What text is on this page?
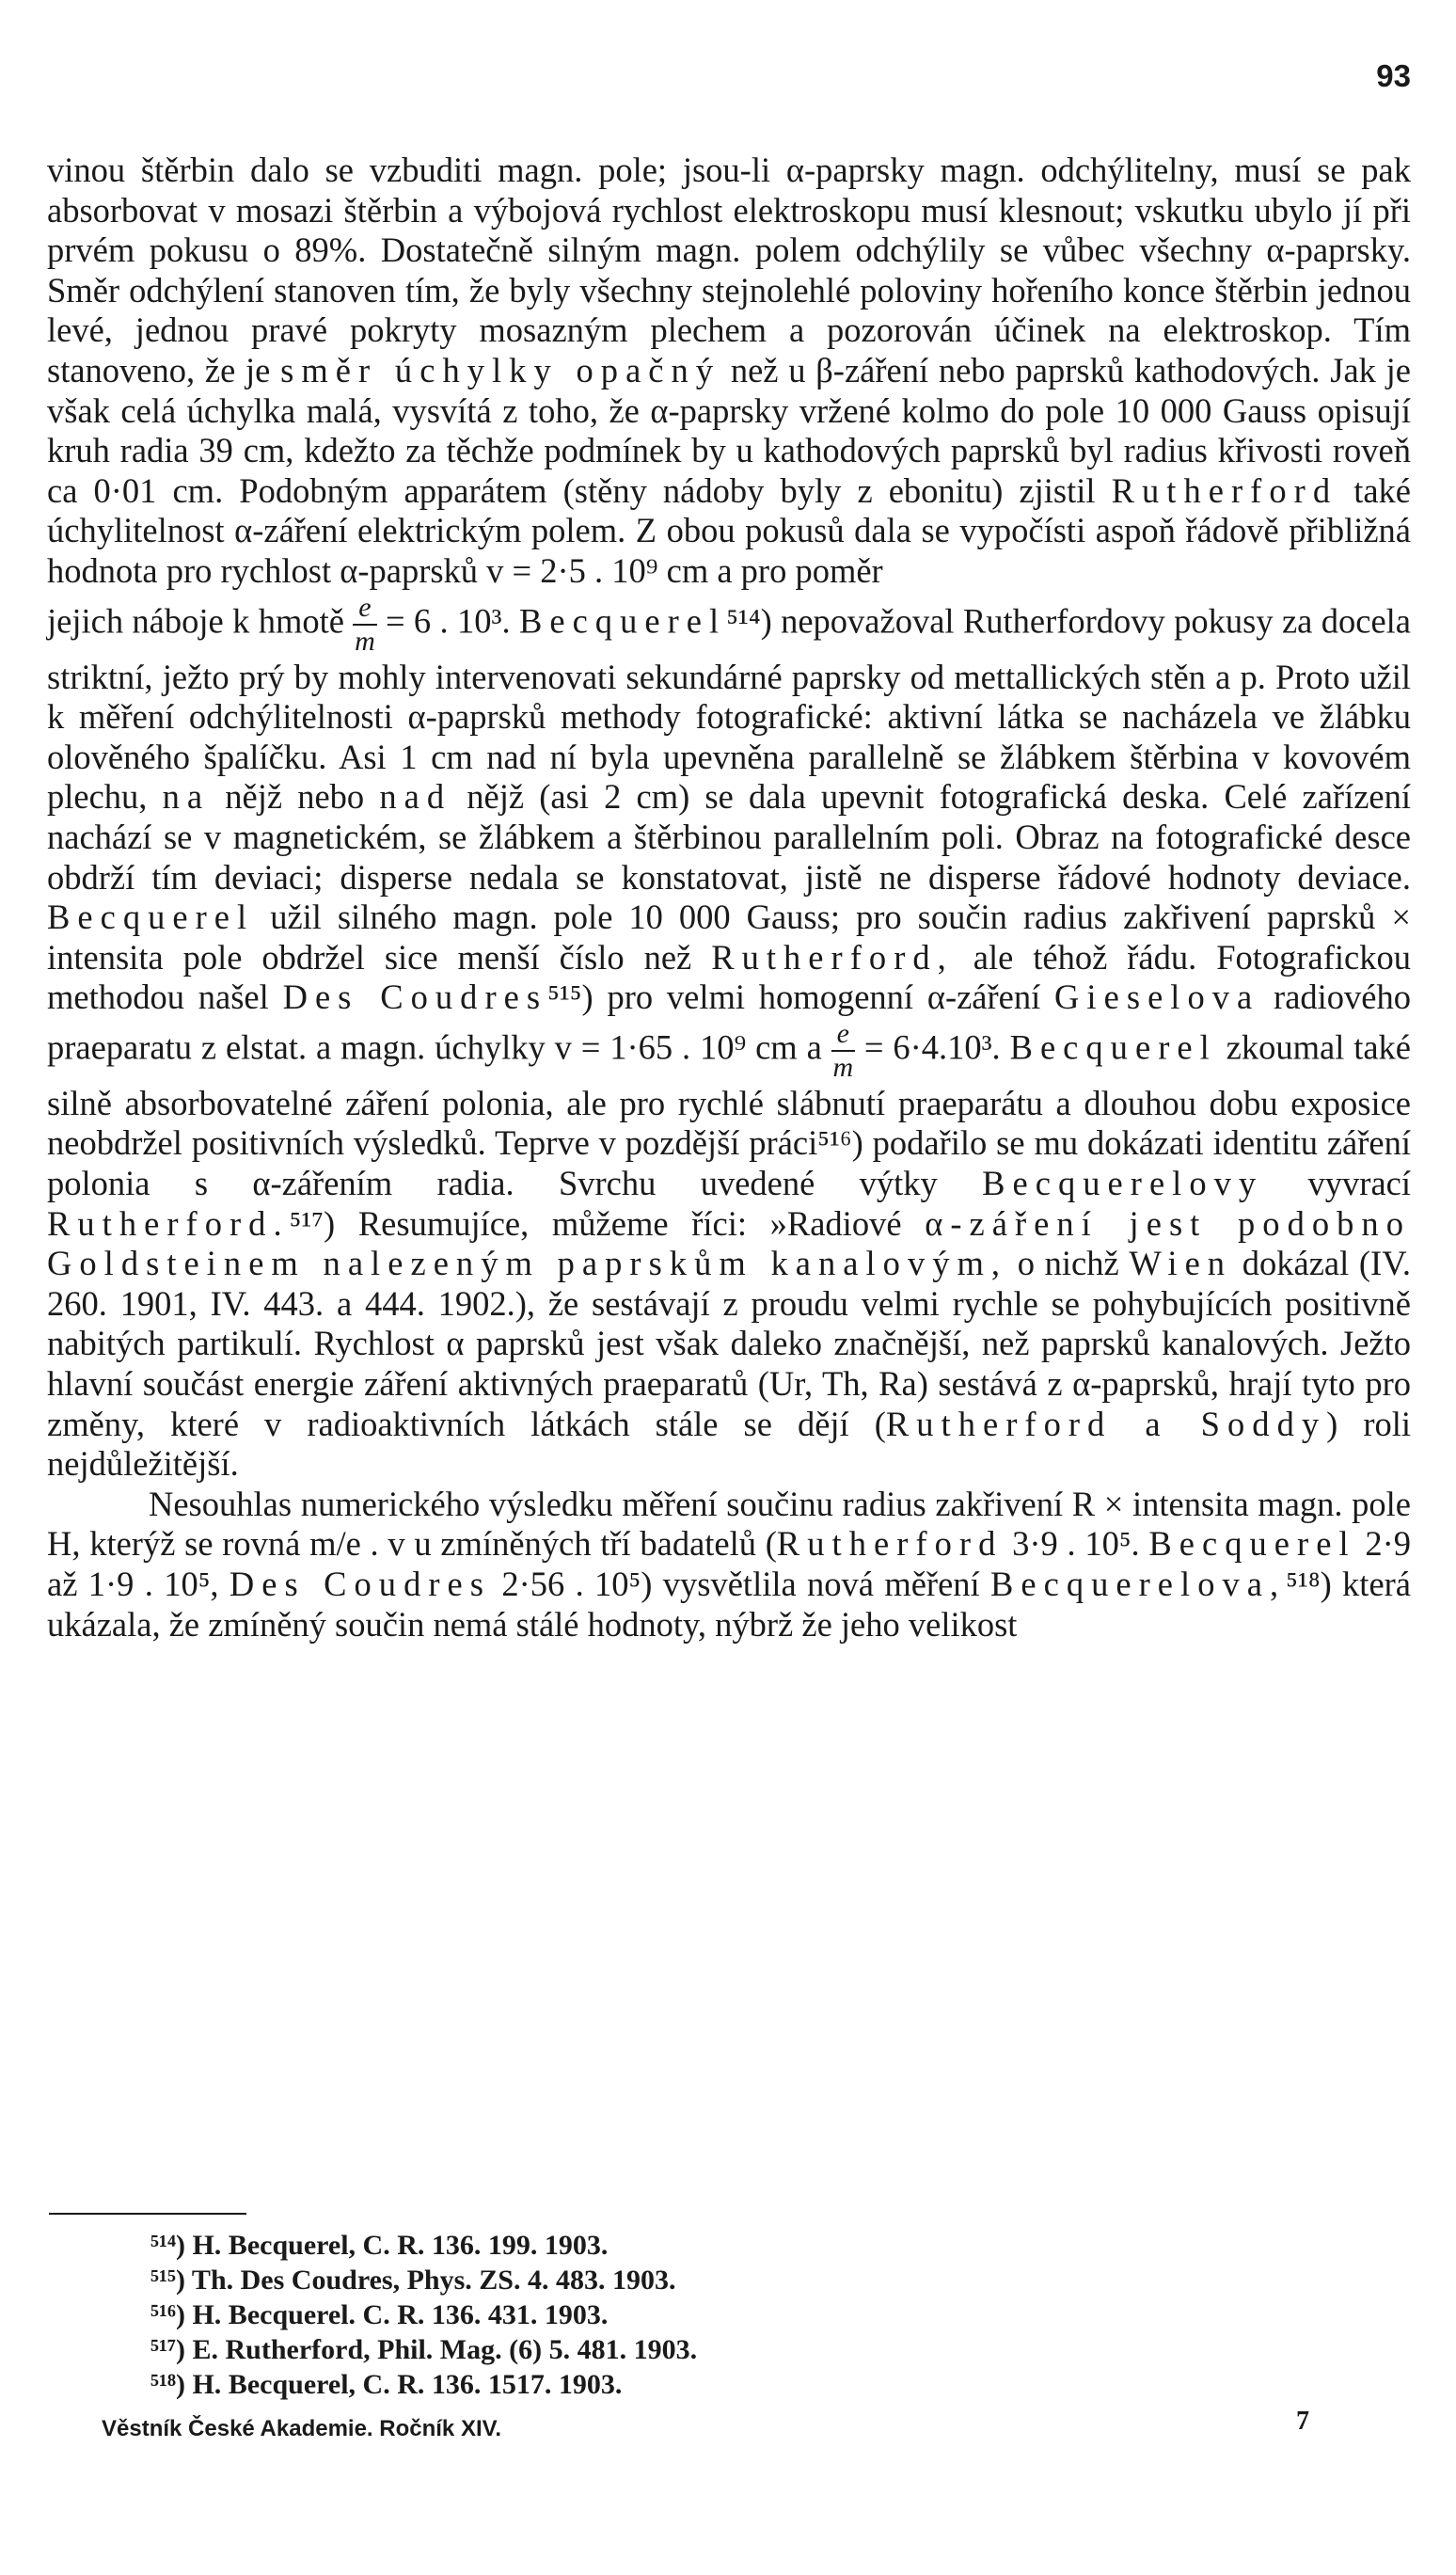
93

vinou štěrbin dalo se vzbuditi magn. pole; jsou-li α-paprsky magn. odchýlitelny, musí se pak absorbovat v mosazi štěrbin a výbojová rychlost elektroskopu musí klesnout; vskutku ubylo jí při prvém pokusu o 89%. Dostatečně silným magn. polem odchýlily se vůbec všechny α-paprsky. Směr odchýlení stanoven tím, že byly všechny stejnolehlé poloviny hořeního konce štěrbin jednou levé, jednou pravé pokryty mosazným plechem a pozorován účinek na elektroskop. Tím stanoveno, že je směr úchylky opačný než u β-záření nebo paprsků kathodových. Jak je však celá úchylka malá, vysvítá z toho, že α-paprsky vržené kolmo do pole 10 000 Gauss opisují kruh radia 39 cm, kdežto za těchže podmínek by u kathodových paprsků byl radius křivosti roveň ca 0·01 cm. Podobným apparátem (stěny nádoby byly z ebonitu) zjistil Rutherford také úchylitelnost α-záření elektrickým polem. Z obou pokusů dala se vypočísti aspoň řádově přibližná hodnota pro rychlost α-paprsků v = 2·5 . 10⁹ cm a pro poměr
jejich náboje k hmotě $\frac{e}{m} = 6$ . 10³. Becquerel⁵¹⁴) nepovažoval Rutherfordovy pokusy za docela striktní, ježto prý by mohly intervenovati sekundárné paprsky od mettallických stěn a p. Proto užil k měření odchýlitelnosti α-paprsků methody fotografické: aktivní látka se nacházela ve žlábku olověného špalíčku. Asi 1 cm nad ní byla upevněna parallelně se žlábkem štěrbina v kovovém plechu, na nějž nebo nad nějž (asi 2 cm) se dala upevnit fotografická deska. Celé zařízení nachází se v magnetickém, se žlábkem a štěrbinou parallelním poli. Obraz na fotografické desce obdrží tím deviaci; disperse nedala se konstatovat, jistě ne disperse řádové hodnoty deviace. Becquerel užil silného magn. pole 10 000 Gauss; pro součin radius zakřivení paprsků × intensita pole obdržel sice menší číslo než Rutherford, ale téhož řádu. Fotografickou methodou našel Des Coudres⁵¹⁵) pro velmi homogenní α-záření Gieselova radiového praeparatu z elstat. a magn. úchylky v = 1·65 . 10⁹ cm a $\frac{e}{m} = 6\cdot 4.10^3$. Becquerel zkoumal také silně absorbovatelné záření polonia, ale pro rychlé slábnutí praeparátu a dlouhou dobu exposice neobdržel positivních výsledků. Teprve v pozdější práci⁵¹⁶) podařilo se mu dokázati identitu záření polonia s α-zářením radia. Svrchu uvedené výtky Becquerelovy vyvrací Rutherford.⁵¹⁷) Resumujíce, můžeme říci: »Radiové α-záření jest podobno Goldsteinem nalezeným paprskům kanalovým, o nichž Wien dokázal (IV. 260. 1901, IV. 443. a 444. 1902.), že sestávají z proudu velmi rychle se pohybujících positivně nabitých partikulí. Rychlost α paprsků jest však daleko značnější, než paprsků kanalových. Ježto hlavní součást energie záření aktivných praeparatů (Ur, Th, Ra) sestává z α-paprsků, hrají tyto pro změny, které v radioaktivních látkách stále se dějí (Rutherford a Soddy) roli nejdůležitější.

Nesouhlas numerického výsledku měření součinu radius zakřivení R × intensita magn. pole H, kterýž se rovná m/e . v u zmíněných tří badatelů (Rutherford 3·9 . 10⁵. Becquerel 2·9 až 1·9 . 10⁵, Des Coudres 2·56 . 10⁵) vysvětlila nová měření Becquerelova,⁵¹⁸) která ukázala, že zmíněný součin nemá stálé hodnoty, nýbrž že jeho velikost

⁵¹⁴) H. Becquerel, C. R. 136. 199. 1903.
⁵¹⁵) Th. Des Coudres, Phys. ZS. 4. 483. 1903.
⁵¹⁶) H. Becquerel. C. R. 136. 431. 1903.
⁵¹⁷) E. Rutherford, Phil. Mag. (6) 5. 481. 1903.
⁵¹⁸) H. Becquerel, C. R. 136. 1517. 1903.
Věstník České Akademie. Ročník XIV.	7
